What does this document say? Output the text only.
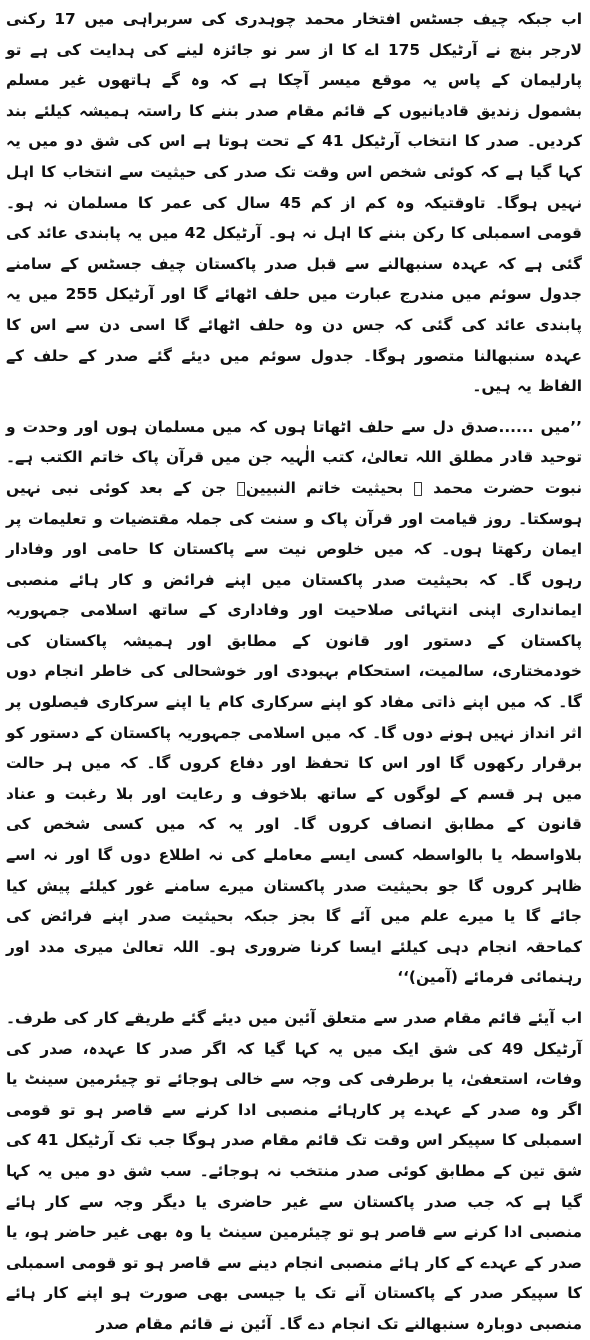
اب جبکہ چیف جسٹس افتخار محمد چوہدری کی سربراہی میں 17 رکنی لارجر بنچ نے آرٹیکل 175 اے کا از سر نو جائزہ لینے کی ہدایت کی ہے تو پارلیمان کے پاس یہ موقع میسر آچکا ہے کہ وہ گے ہاتھوں غیر مسلم بشمول زندیق قادیانیوں کے قائم مقام صدر بننے کا راستہ ہمیشہ کیلئے بند کردیں۔ صدر کا انتخاب آرٹیکل 41 کے تحت ہوتا ہے اس کی شق دو میں یہ کہا گیا ہے کہ کوئی شخص اس وقت تک صدر کی حیثیت سے انتخاب کا اہل نہیں ہوگا۔ تاوقتیکہ وہ کم از کم 45 سال کی عمر کا مسلمان نہ ہو۔ قومی اسمبلی کا رکن بننے کا اہل نہ ہو۔ آرٹیکل 42 میں یہ پابندی عائد کی گئی ہے کہ عہدہ سنبھالنے سے قبل صدر پاکستان چیف جسٹس کے سامنے جدول سوئم میں مندرج عبارت میں حلف اٹھائے گا اور آرٹیکل 255 میں یہ پابندی عائد کی گئی کہ جس دن وہ حلف اٹھائے گا اسی دن سے اس کا عہدہ سنبھالنا متصور ہوگا۔ جدول سوئم میں دیئے گئے صدر کے حلف کے الفاظ یہ ہیں۔

’’میں ......صدق دل سے حلف اٹھاتا ہوں کہ میں مسلمان ہوں اور وحدت و توحید قادر مطلق اللہ تعالیٰ، کتب الٰہیہ جن میں قرآن پاک خاتم الکتب ہے۔ نبوت حضرت محمد ﷺ بحیثیت خاتم النبیینؐ جن کے بعد کوئی نبی نہیں ہوسکتا۔ روز قیامت اور قرآن پاک و سنت کی جملہ مقتضیات و تعلیمات پر ایمان رکھتا ہوں۔ کہ میں خلوص نیت سے پاکستان کا حامی اور وفادار رہوں گا۔ کہ بحیثیت صدر پاکستان میں اپنے فرائض و کار ہائے منصبی ایمانداری اپنی انتہائی صلاحیت اور وفاداری کے ساتھ اسلامی جمہوریہ پاکستان کے دستور اور قانون کے مطابق اور ہمیشہ پاکستان کی خودمختاری، سالمیت، استحکام بہبودی اور خوشحالی کی خاطر انجام دوں گا۔ کہ میں اپنے ذاتی مفاد کو اپنے سرکاری کام یا اپنے سرکاری فیصلوں پر اثر انداز نہیں ہونے دوں گا۔ کہ میں اسلامی جمہوریہ پاکستان کے دستور کو برقرار رکھوں گا اور اس کا تحفظ اور دفاع کروں گا۔ کہ میں ہر حالت میں ہر قسم کے لوگوں کے ساتھ بلاخوف و رعایت اور بلا رغبت و عناد قانون کے مطابق انصاف کروں گا۔ اور یہ کہ میں کسی شخص کی بلاواسطہ یا بالواسطہ کسی ایسے معاملے کی نہ اطلاع دوں گا اور نہ اسے ظاہر کروں گا جو بحیثیت صدر پاکستان میرے سامنے غور کیلئے پیش کیا جائے گا یا میرے علم میں آئے گا بجز جبکہ بحیثیت صدر اپنے فرائض کی کماحقہ انجام دہی کیلئے ایسا کرنا ضروری ہو۔ اللہ تعالیٰ میری مدد اور رہنمائی فرمائے (آمین)‘‘

اب آیئے قائم مقام صدر سے متعلق آئین میں دیئے گئے طریقے کار کی طرف۔ آرٹیکل 49 کی شق ایک میں یہ کہا گیا کہ اگر صدر کا عہدہ، صدر کی وفات، استعفیٰ، یا برطرفی کی وجہ سے خالی ہوجائے تو چیئرمین سینٹ یا اگر وہ صدر کے عہدے پر کارہائے منصبی ادا کرنے سے قاصر ہو تو قومی اسمبلی کا سپیکر اس وقت تک قائم مقام صدر ہوگا جب تک آرٹیکل 41 کی شق تین کے مطابق کوئی صدر منتخب نہ ہوجائے۔ سب شق دو میں یہ کہا گیا ہے کہ جب صدر پاکستان سے غیر حاضری یا دیگر وجہ سے کار ہائے منصبی ادا کرنے سے قاصر ہو تو چیئرمین سینٹ یا وہ بھی غیر حاضر ہو، یا صدر کے عہدے کے کار ہائے منصبی انجام دینے سے قاصر ہو تو قومی اسمبلی کا سپیکر صدر کے پاکستان آنے تک یا جیسی بھی صورت ہو اپنے کار ہائے منصبی دوبارہ سنبھالنے تک انجام دے گا۔ آئین نے قائم مقام صدر
